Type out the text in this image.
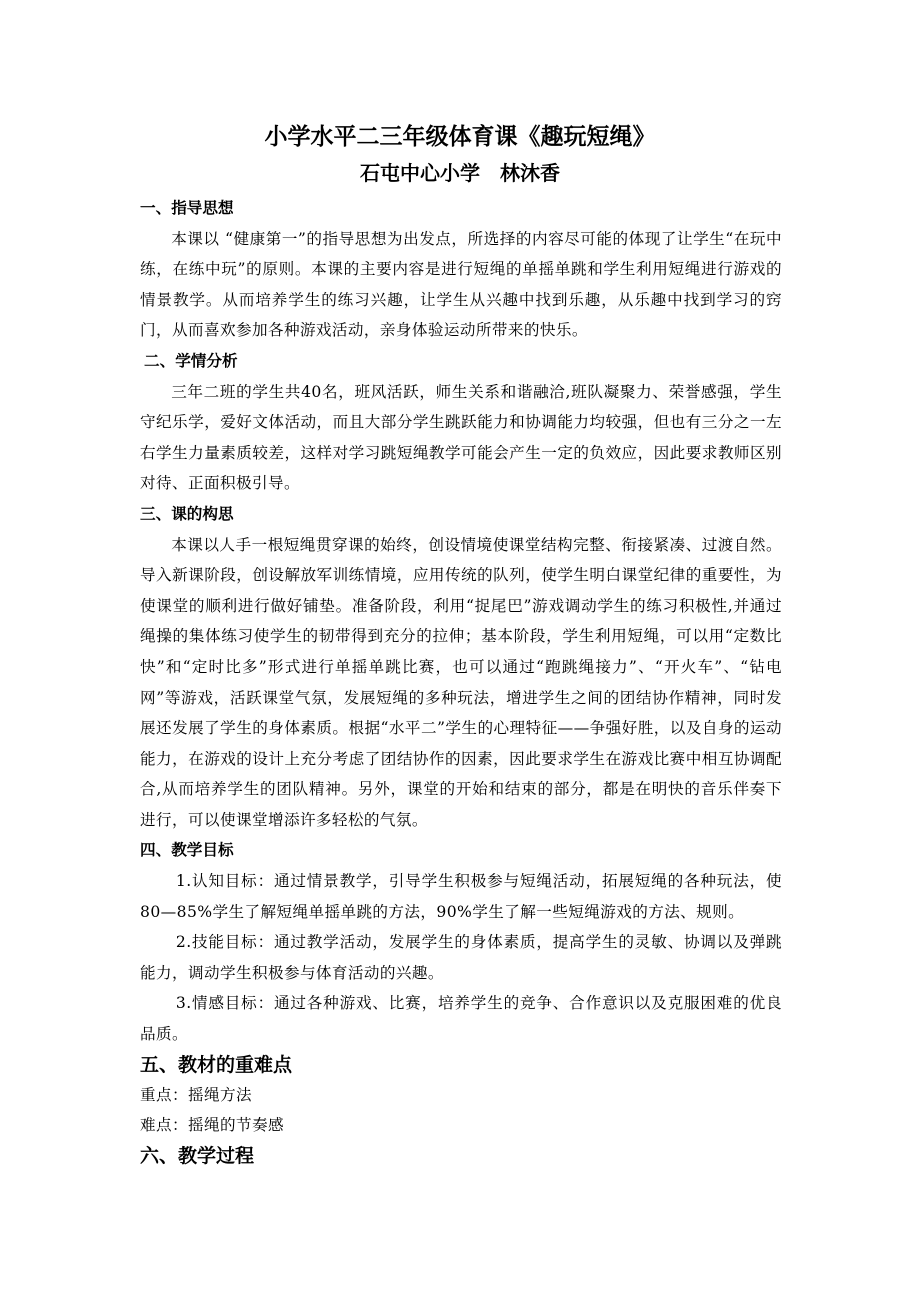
小学水平二三年级体育课《趣玩短绳》
石屯中心小学　林沐香
一、指导思想

本课以 “健康第一”的指导思想为出发点，所选择的内容尽可能的体现了让学生“在玩中练，在练中玩”的原则。本课的主要内容是进行短绳的单摇单跳和学生利用短绳进行游戏的情景教学。从而培养学生的练习兴趣，让学生从兴趣中找到乐趣，从乐趣中找到学习的窍门，从而喜欢参加各种游戏活动，亲身体验运动所带来的快乐。

二、学情分析

三年二班的学生共40名，班风活跃，师生关系和谐融洽,班队凝聚力、荣誉感强，学生守纪乐学，爱好文体活动，而且大部分学生跳跃能力和协调能力均较强，但也有三分之一左右学生力量素质较差，这样对学习跳短绳教学可能会产生一定的负效应，因此要求教师区别对待、正面积极引导。

三、课的构思

本课以人手一根短绳贯穿课的始终，创设情境使课堂结构完整、衔接紧凑、过渡自然。导入新课阶段，创设解放军训练情境，应用传统的队列，使学生明白课堂纪律的重要性，为使课堂的顺利进行做好铺垫。准备阶段，利用“捉尾巴”游戏调动学生的练习积极性,并通过绳操的集体练习使学生的韧带得到充分的拉伸；基本阶段，学生利用短绳，可以用“定数比快”和“定时比多”形式进行单摇单跳比赛，也可以通过“跑跳绳接力”、“开火车”、“钻电网”等游戏，活跃课堂气氛，发展短绳的多种玩法，增进学生之间的团结协作精神，同时发展还发展了学生的身体素质。根据“水平二”学生的心理特征——争强好胜，以及自身的运动能力，在游戏的设计上充分考虑了团结协作的因素，因此要求学生在游戏比赛中相互协调配合,从而培养学生的团队精神。另外，课堂的开始和结束的部分，都是在明快的音乐伴奏下进行，可以使课堂增添许多轻松的气氛。

四、教学目标

1.认知目标：通过情景教学，引导学生积极参与短绳活动，拓展短绳的各种玩法，使80—85%学生了解短绳单摇单跳的方法，90%学生了解一些短绳游戏的方法、规则。

2.技能目标：通过教学活动，发展学生的身体素质，提高学生的灵敏、协调以及弹跳能力，调动学生积极参与体育活动的兴趣。

3.情感目标：通过各种游戏、比赛，培养学生的竞争、合作意识以及克服困难的优良品质。

五、教材的重难点

重点：摇绳方法

难点：摇绳的节奏感

六、教学过程
